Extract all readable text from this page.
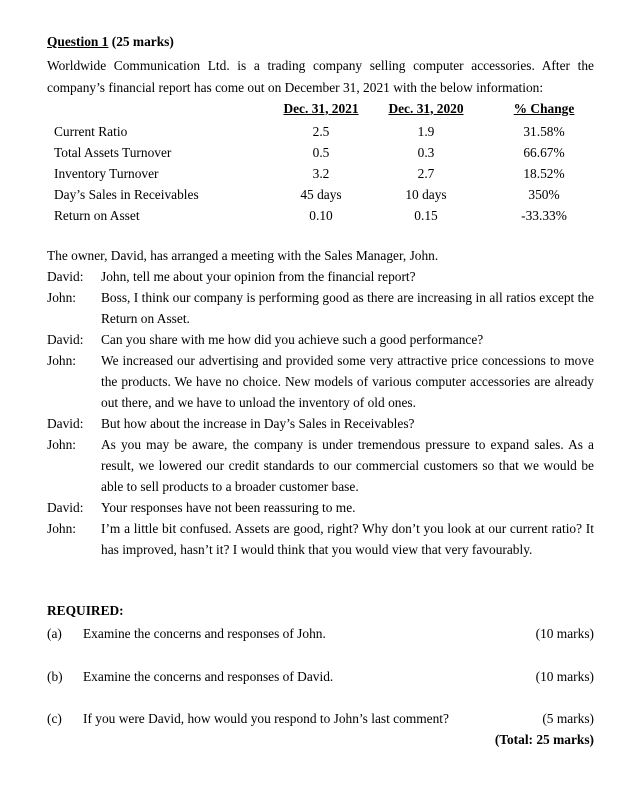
Question 1 (25 marks)
Worldwide Communication Ltd. is a trading company selling computer accessories. After the company’s financial report has come out on December 31, 2021 with the below information:
	Dec. 31, 2021	Dec. 31, 2020	% Change
Current Ratio	2.5	1.9	31.58%
Total Assets Turnover	0.5	0.3	66.67%
Inventory Turnover	3.2	2.7	18.52%
Day’s Sales in Receivables	45 days	10 days	350%
Return on Asset	0.10	0.15	-33.33%
The owner, David, has arranged a meeting with the Sales Manager, John.
David:	John, tell me about your opinion from the financial report?
John:	Boss, I think our company is performing good as there are increasing in all ratios except the Return on Asset.
David:	Can you share with me how did you achieve such a good performance?
John:	We increased our advertising and provided some very attractive price concessions to move the products. We have no choice. New models of various computer accessories are already out there, and we have to unload the inventory of old ones.
David:	But how about the increase in Day’s Sales in Receivables?
John:	As you may be aware, the company is under tremendous pressure to expand sales. As a result, we lowered our credit standards to our commercial customers so that we would be able to sell products to a broader customer base.
David:	Your responses have not been reassuring to me.
John:	I’m a little bit confused. Assets are good, right? Why don’t you look at our current ratio? It has improved, hasn’t it? I would think that you would view that very favourably.
REQUIRED:
(a)	Examine the concerns and responses of John.	(10 marks)
(b)	Examine the concerns and responses of David.	(10 marks)
(c)	If you were David, how would you respond to John’s last comment?	(5 marks)
(Total: 25 marks)
